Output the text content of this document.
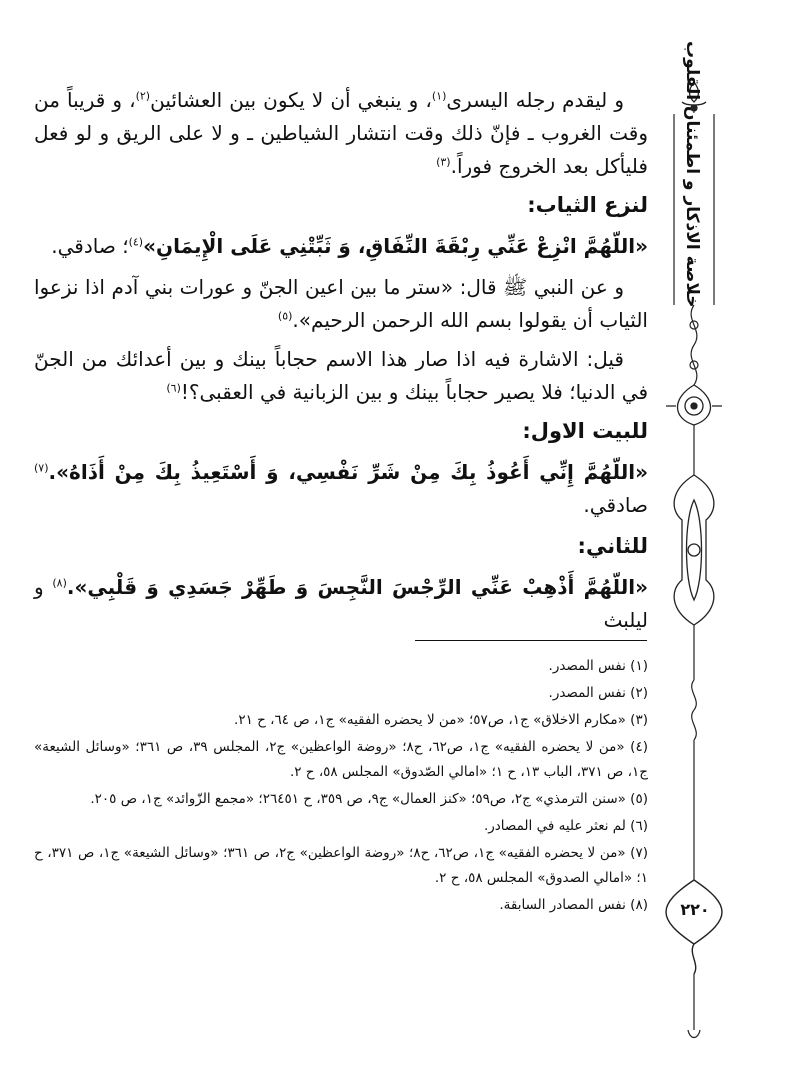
خلاصة الاذكار و اطمئنان القلوب
٢٢٠

و ليقدم رجله اليسرى$^{(١)}$، و ينبغي أن لا يكون بين العشائين$^{(٢)}$، و قريباً من وقت الغروب ـ فإنّ ذلك وقت انتشار الشياطين ـ و لا على الريق و لو فعل فليأكل بعد الخروج فوراً.$^{(٣)}$

لنزع الثياب:

«اللّهُمَّ انْزِعْ عَنِّي رِبْقَةَ النِّفَاقِ، وَ ثَبِّتْنِي عَلَى الْإِيمَانِ»$^{(٤)}$؛ صادقي.

و عن النبي ﷺ قال: «ستر ما بين اعين الجنّ و عورات بني آدم اذا نزعوا الثياب أن يقولوا بسم الله الرحمن الرحيم».$^{(٥)}$

قيل: الاشارة فيه اذا صار هذا الاسم حجاباً بينك و بين أعدائك من الجنّ في الدنيا؛ فلا يصير حجاباً بينك و بين الزبانية في العقبى؟!$^{(٦)}$

للبيت الاول:

«اللّهُمَّ إِنِّي أَعُوذُ بِكَ مِنْ شَرِّ نَفْسِي، وَ أَسْتَعِيذُ بِكَ مِنْ أَذَاهُ».$^{(٧)}$ صادقي.

للثاني:

«اللّهُمَّ أَذْهِبْ عَنِّي الرِّجْسَ النَّجِسَ وَ طَهِّرْ جَسَدِي وَ قَلْبِي».$^{(٨)}$ و ليلبث

(١) نفس المصدر.

(٢) نفس المصدر.

(٣) «مكارم الاخلاق» ج١، ص٥٧؛ «من لا يحضره الفقيه» ج١، ص ٦٤، ح ٢١.

(٤) «من لا يحضره الفقيه» ج١، ص٦٢، ح٨؛ «روضة الواعظين» ج٢، المجلس ٣٩، ص ٣٦١؛ «وسائل الشيعة» ج١، ص ٣٧١، الباب ١٣، ح ١؛ «امالي الصّدوق» المجلس ٥٨، ح ٢.

(٥) «سنن الترمذي» ج٢، ص٥٩؛ «كنز العمال» ج٩، ص ٣٥٩، ح ٢٦٤٥١؛ «مجمع الزّوائد» ج١، ص ٢٠٥.

(٦) لم نعثر عليه في المصادر.

(٧) «من لا يحضره الفقيه» ج١، ص٦٢، ح٨؛ «روضة الواعظين» ج٢، ص ٣٦١؛ «وسائل الشيعة» ج١، ص ٣٧١، ح ١؛ «امالي الصدوق» المجلس ٥٨، ح ٢.

(٨) نفس المصادر السابقة.
